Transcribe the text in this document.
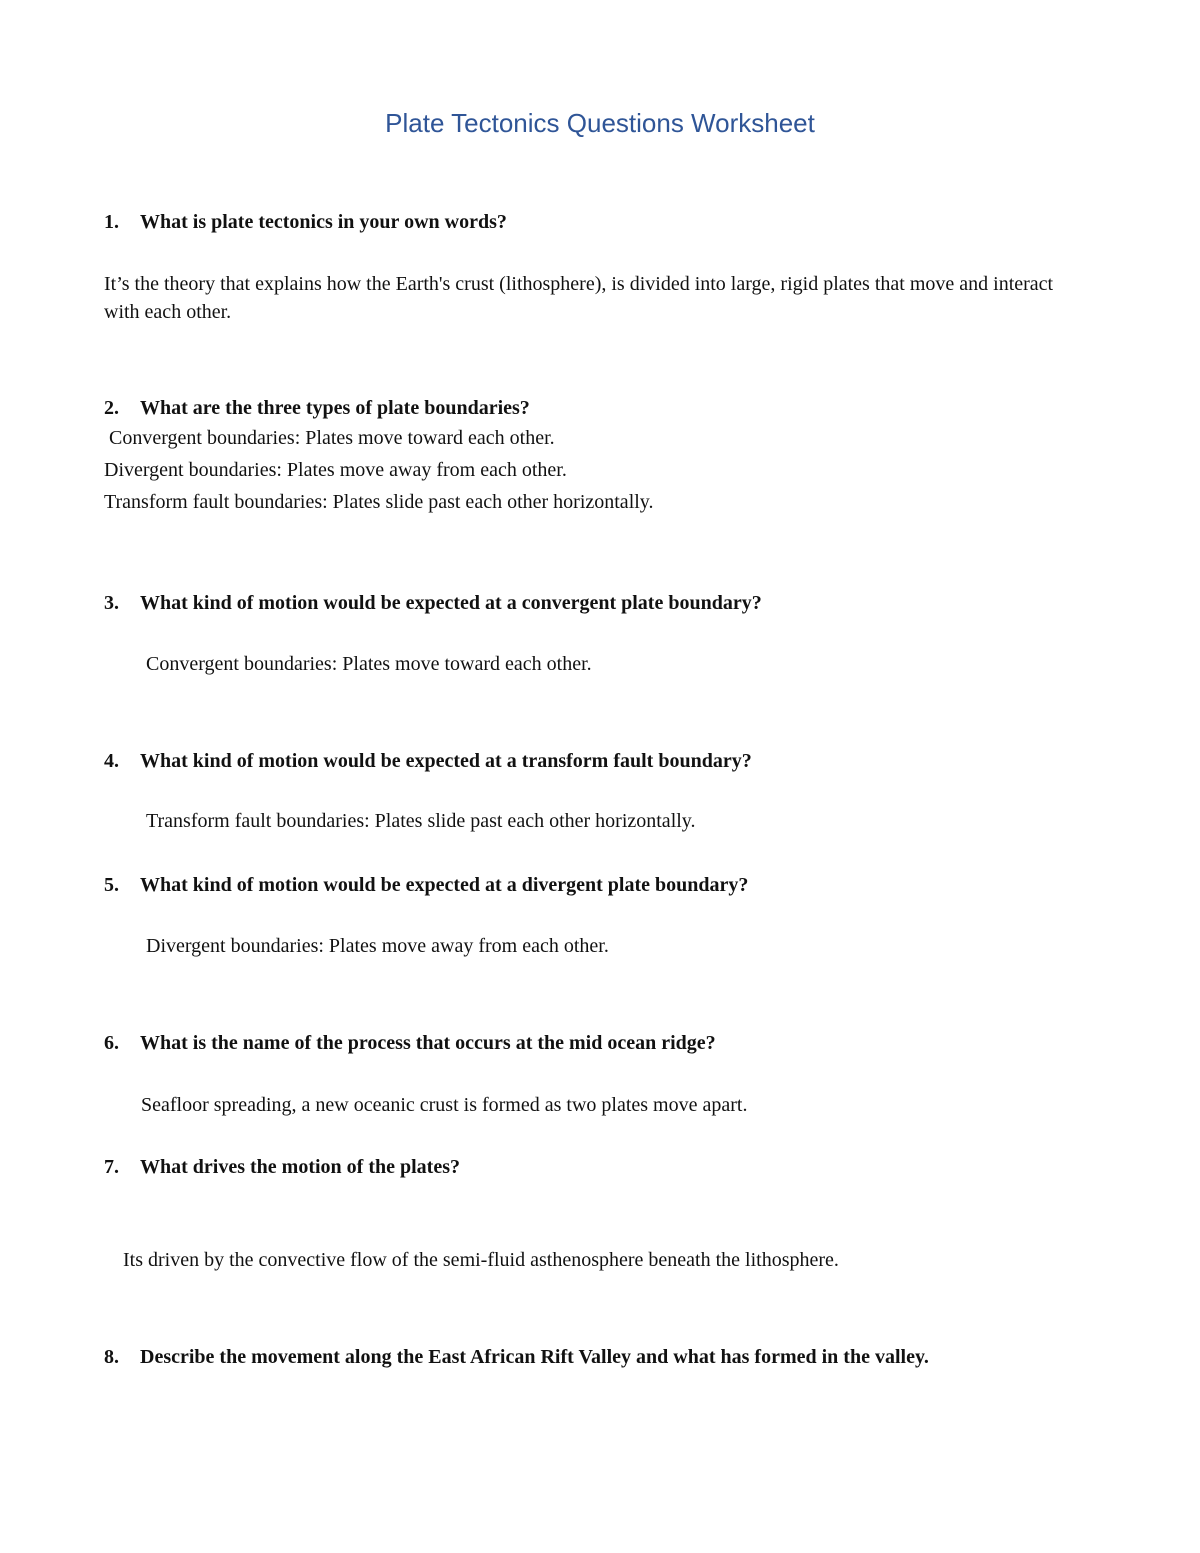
Plate Tectonics Questions Worksheet

1. What is plate tectonics in your own words?

It’s the theory that explains how the Earth's crust (lithosphere), is divided into large, rigid plates that move and interact with each other.

2. What are the three types of plate boundaries?

Convergent boundaries: Plates move toward each other.

Divergent boundaries: Plates move away from each other.

Transform fault boundaries: Plates slide past each other horizontally.

3. What kind of motion would be expected at a convergent plate boundary?

Convergent boundaries: Plates move toward each other.

4. What kind of motion would be expected at a transform fault boundary?

Transform fault boundaries: Plates slide past each other horizontally.

5. What kind of motion would be expected at a divergent plate boundary?

Divergent boundaries: Plates move away from each other.

6. What is the name of the process that occurs at the mid ocean ridge?

Seafloor spreading, a new oceanic crust is formed as two plates move apart.

7. What drives the motion of the plates?

Its driven by the convective flow of the semi-fluid asthenosphere beneath the lithosphere.

8. Describe the movement along the East African Rift Valley and what has formed in the valley.
